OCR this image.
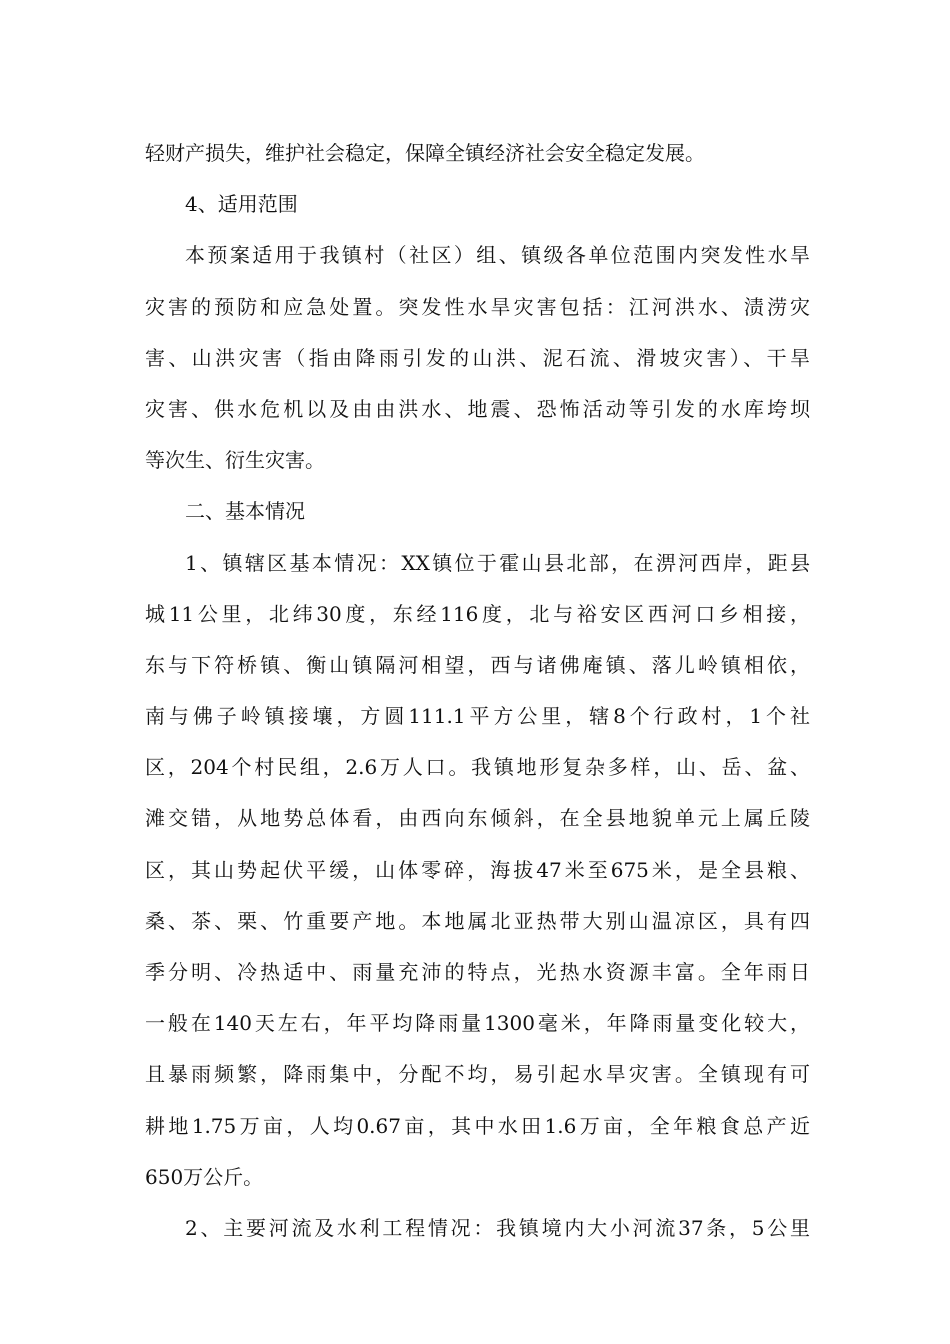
轻财产损失，维护社会稳定，保障全镇经济社会安全稳定发展。
4、适用范围
本预案适用于我镇村（社区）组、镇级各单位范围内突发性水旱
灾害的预防和应急处置。突发性水旱灾害包括：江河洪水、渍涝灾
害、山洪灾害（指由降雨引发的山洪、泥石流、滑坡灾害）、干旱
灾害、供水危机以及由由洪水、地震、恐怖活动等引发的水库垮坝
等次生、衍生灾害。
二、基本情况
1、镇辖区基本情况：XX镇位于霍山县北部，在淠河西岸，距县
城11公里，北纬30度，东经116度，北与裕安区西河口乡相接，
东与下符桥镇、衡山镇隔河相望，西与诸佛庵镇、落儿岭镇相依，
南与佛子岭镇接壤，方圆111.1平方公里，辖8个行政村，1个社
区，204个村民组，2.6万人口。我镇地形复杂多样，山、岳、盆、
滩交错，从地势总体看，由西向东倾斜，在全县地貌单元上属丘陵
区，其山势起伏平缓，山体零碎，海拔47米至675米，是全县粮、
桑、茶、栗、竹重要产地。本地属北亚热带大别山温凉区，具有四
季分明、冷热适中、雨量充沛的特点，光热水资源丰富。全年雨日
一般在140天左右，年平均降雨量1300毫米，年降雨量变化较大，
且暴雨频繁，降雨集中，分配不均，易引起水旱灾害。全镇现有可
耕地1.75万亩，人均0.67亩，其中水田1.6万亩，全年粮食总产近
650万公斤。
2、主要河流及水利工程情况：我镇境内大小河流37条，5公里
